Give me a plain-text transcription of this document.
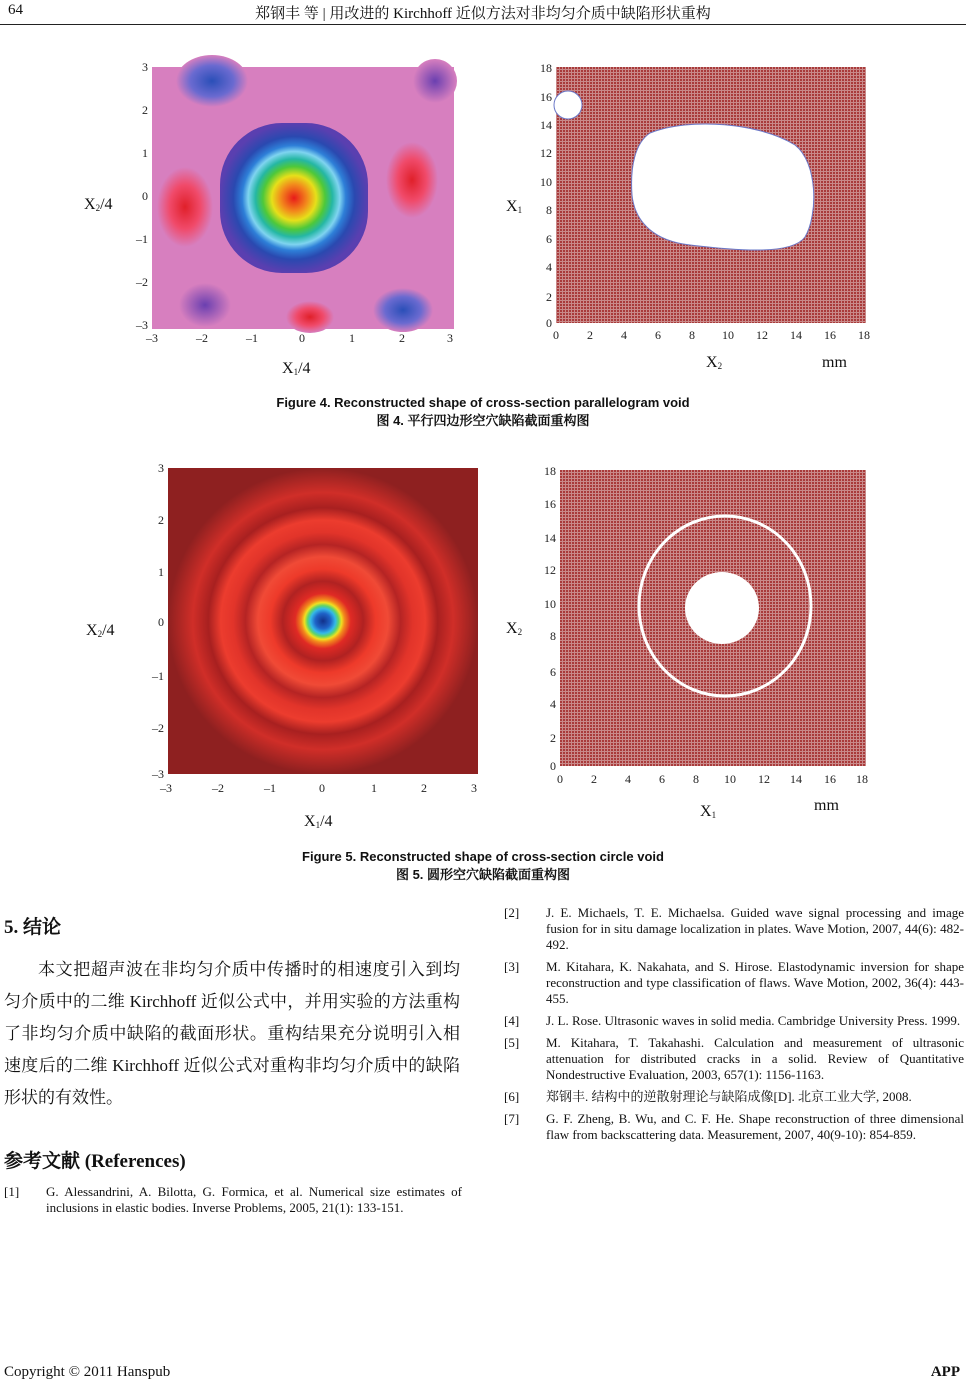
64	郑钢丰 等 | 用改进的 Kirchhoff 近似方法对非均匀介质中缺陷形状重构
3
2
1
0
–1
–2
–3
–3	–2	–1	0	1	2	3
X2/4
X1/4
18
16
14
12
10
8
6
4
2
0
0 2 4 6 8 10 12 14 16 18
X1
X2	mm
Figure 4. Reconstructed shape of cross-section parallelogram void
图 4. 平行四边形空穴缺陷截面重构图
3
2
1
0
–1
–2
–3
–3	–2	–1	0	1	2	3
X2/4
X1/4
18
16
14
12
10
8
6
4
2
0
0 2 4 6 8 10 12 14 16 18
X2
X1
mm
Figure 5. Reconstructed shape of cross-section circle void
图 5. 圆形空穴缺陷截面重构图
5. 结论
本文把超声波在非均匀介质中传播时的相速度引入到均匀介质中的二维 Kirchhoff 近似公式中，并用实验的方法重构了非均匀介质中缺陷的截面形状。重构结果充分说明引入相速度后的二维 Kirchhoff 近似公式对重构非均匀介质中的缺陷形状的有效性。
参考文献 (References)
[1] G. Alessandrini, A. Bilotta, G. Formica, et al. Numerical size estimates of inclusions in elastic bodies. Inverse Problems, 2005, 21(1): 133-151.
[2] J. E. Michaels, T. E. Michaelsa. Guided wave signal processing and image fusion for in situ damage localization in plates. Wave Motion, 2007, 44(6): 482-492.
[3] M. Kitahara, K. Nakahata, and S. Hirose. Elastodynamic inversion for shape reconstruction and type classification of flaws. Wave Motion, 2002, 36(4): 443-455.
[4] J. L. Rose. Ultrasonic waves in solid media. Cambridge University Press. 1999.
[5] M. Kitahara, T. Takahashi. Calculation and measurement of ultrasonic attenuation for distributed cracks in a solid. Review of Quantitative Nondestructive Evaluation, 2003, 657(1): 1156-1163.
[6] 郑钢丰. 结构中的逆散射理论与缺陷成像[D]. 北京工业大学, 2008.
[7] G. F. Zheng, B. Wu, and C. F. He. Shape reconstruction of three dimensional flaw from backscattering data. Measurement, 2007, 40(9-10): 854-859.
Copyright © 2011 Hanspub	APP
